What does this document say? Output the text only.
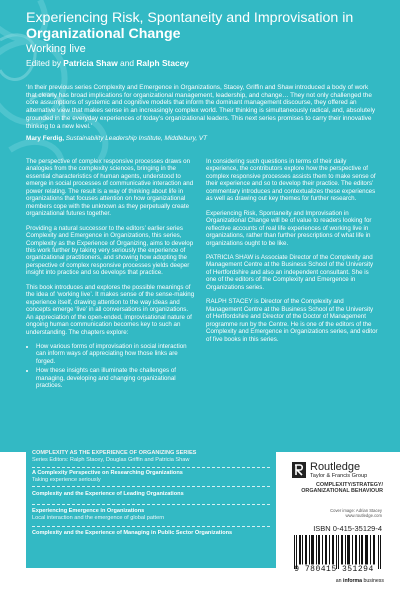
Experiencing Risk, Spontaneity and Improvisation in
Organizational Change
Working live
Edited by Patricia Shaw and Ralph Stacey
‘In their previous series Complexity and Emergence in Organizations, Stacey, Griffin and Shaw introduced a body of work that clearly has broad implications for organizational management, leadership, and change… They not only challenged the core assumptions of systemic and cognitive models that inform the dominant management discourse, they offered an alternative view that makes sense in an increasingly complex world. Their thinking is simultaneously radical, and, absolutely grounded in the everyday experiences of today’s organizational leaders. This next series promises to carry their innovative thinking to a new level.’
Mary Ferdig, Sustainability Leadership Institute, Middlebury, VT

The perspective of complex responsive processes draws on analogies from the complexity sciences, bringing in the essential characteristics of human agents, understood to emerge in social processes of communicative interaction and power relating. The result is a way of thinking about life in organizations that focuses attention on how organizational members cope with the unknown as they perpetually create organizational futures together.

Providing a natural successor to the editors’ earlier series Complexity and Emergence in Organizations, this series, Complexity as the Experience of Organizing, aims to develop this work further by taking very seriously the experience of organizational practitioners, and showing how adopting the perspective of complex responsive processes yields deeper insight into practice and so develops that practice.

This book introduces and explores the possible meanings of the idea of ‘working live’. It makes sense of the sense-making experience itself, drawing attention to the way ideas and concepts emerge ‘live’ in all conversations in organizations. An appreciation of the open-ended, improvisational nature of ongoing human communication becomes key to such an understanding. The chapters explore:

• How various forms of improvisation in social interaction can inform ways of appreciating how those links are forged.
• How these insights can illuminate the challenges of managing, developing and changing organizational practices.

In considering such questions in terms of their daily experience, the contributors explore how the perspective of complex responsive processes assists them to make sense of their experience and so to develop their practice. The editors’ commentary introduces and contextualizes these experiences as well as drawing out key themes for further research.

Experiencing Risk, Spontaneity and Improvisation in Organizational Change will be of value to readers looking for reflective accounts of real life experiences of working live in organizations, rather than further prescriptions of what life in organizations ought to be like.

PATRICIA SHAW is Associate Director of the Complexity and Management Centre at the Business School of the University of Hertfordshire and also an independent consultant. She is one of the editors of the Complexity and Emergence in Organizations series.

RALPH STACEY is Director of the Complexity and Management Centre at the Business School of the University of Hertfordshire and Director of the Doctor of Management programme run by the Centre. He is one of the editors of the Complexity and Emergence in Organizations series, and editor of five books in this series.

COMPLEXITY AS THE EXPERIENCE OF ORGANIZING SERIES
Series Editors: Ralph Stacey, Douglas Griffin and Patricia Shaw
A Complexity Perspective on Researching Organizations
Taking experience seriously
Complexity and the Experience of Leading Organizations
Experiencing Emergence in Organizations
Local interaction and the emergence of global pattern
Complexity and the Experience of Managing in Public Sector Organizations
Routledge
Taylor & Francis Group
COMPLEXITY/STRATEGY/ ORGANIZATIONAL BEHAVIOUR
Cover image: Adrian Stacey
www.routledge.com
ISBN 0-415-35129-4
9 780415 351294
an informa business
